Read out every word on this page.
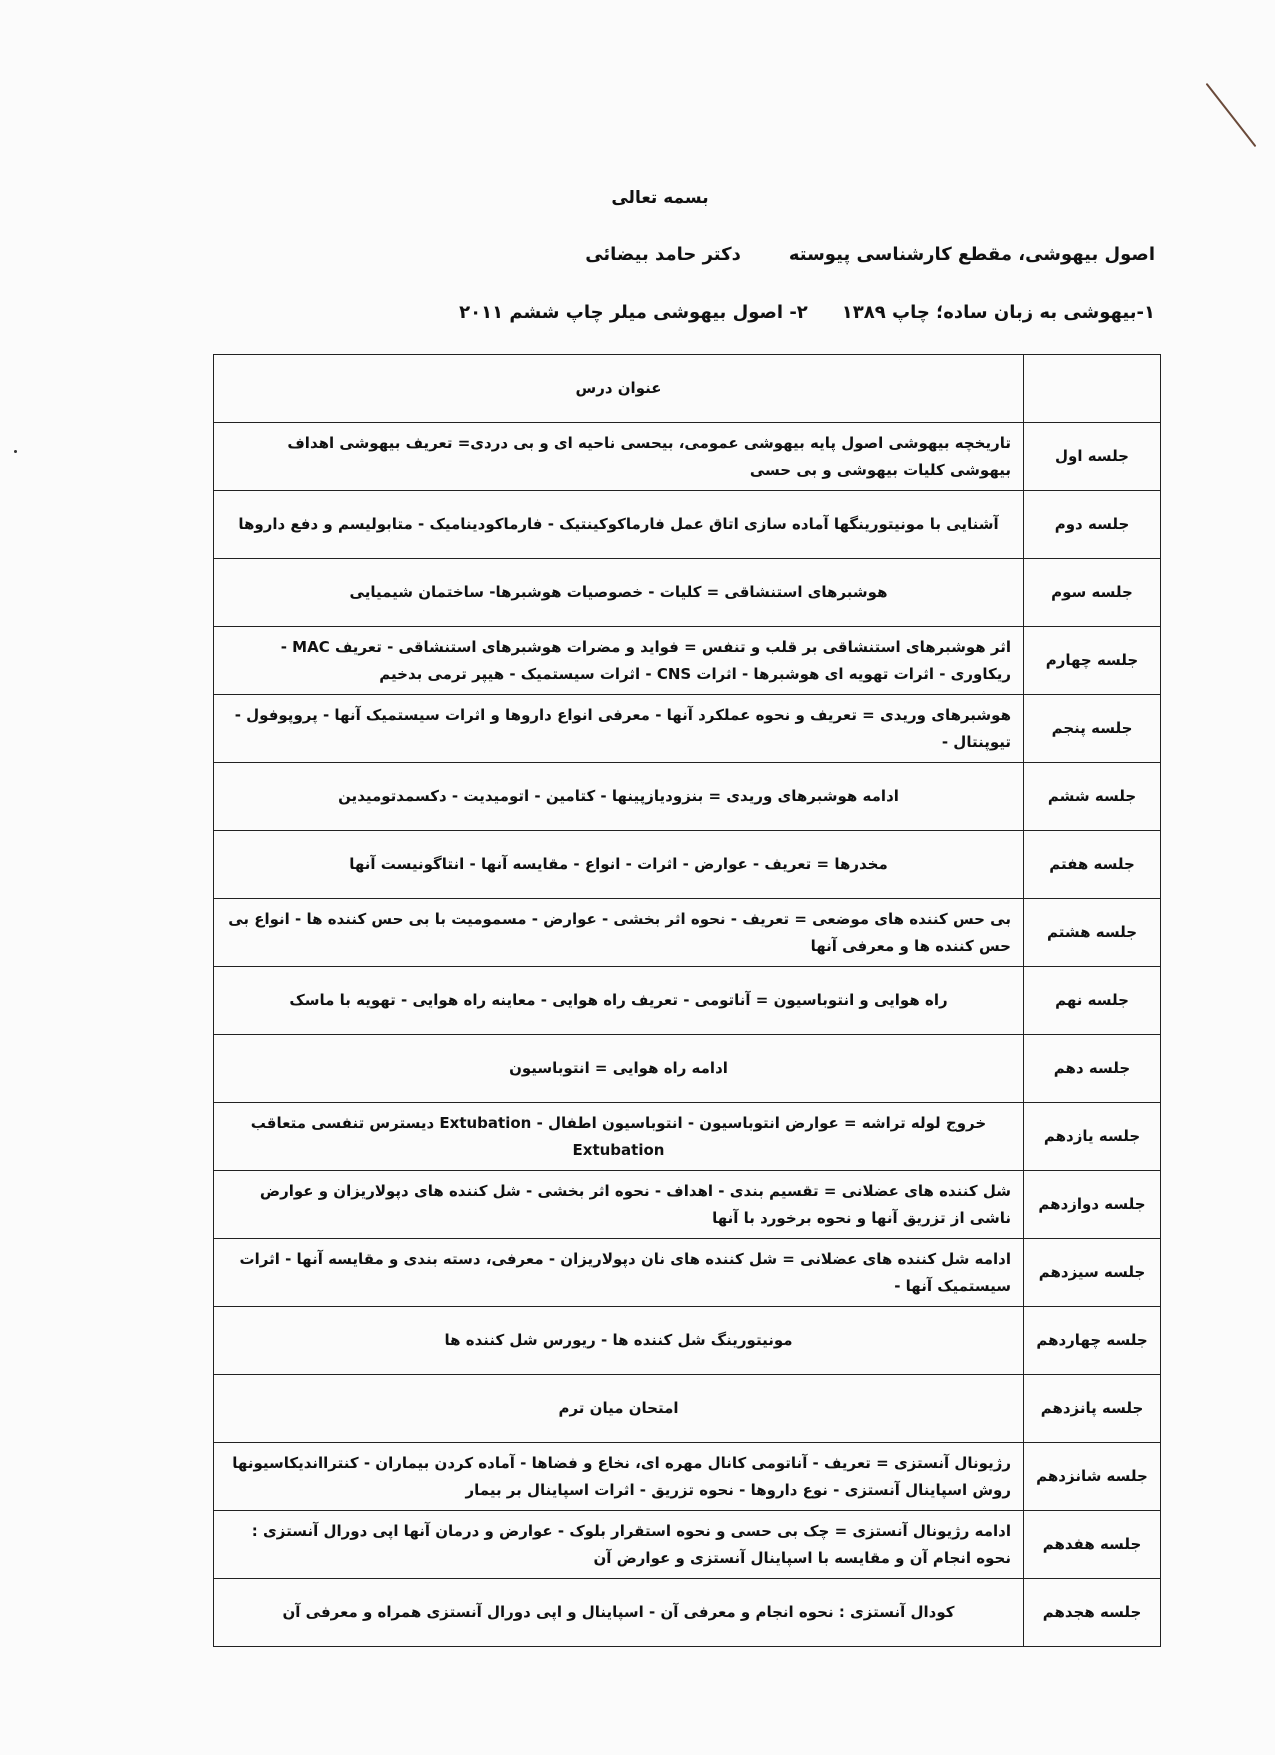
بسمه تعالی
اصول بیهوشی، مقطع کارشناسی پیوستهدکتر حامد بیضائی
۱-بیهوشی به زبان ساده؛ چاپ ۱۳۸۹۲- اصول بیهوشی میلر چاپ ششم ۲۰۱۱
	عنوان درس
جلسه اول	تاریخچه بیهوشی اصول پایه بیهوشی عمومی، بیحسی ناحیه ای و بی دردی= تعریف بیهوشی اهداف بیهوشی کلیات بیهوشی و بی حسی
جلسه دوم	آشنایی با مونیتورینگها آماده سازی اتاق عمل فارماکوکینتیک - فارماکودینامیک - متابولیسم و دفع داروها
جلسه سوم	هوشبرهای استنشاقی = کلیات - خصوصیات هوشبرها- ساختمان شیمیایی
جلسه چهارم	اثر هوشبرهای استنشاقی بر قلب و تنفس = فواید و مضرات هوشبرهای استنشاقی - تعریف MAC - ریکاوری - اثرات تهویه ای هوشبرها - اثرات CNS - اثرات سیستمیک - هیپر ترمی بدخیم
جلسه پنجم	هوشبرهای وریدی = تعریف و نحوه عملکرد آنها - معرفی انواع داروها و اثرات سیستمیک آنها - پروپوفول - تیوپنتال -
جلسه ششم	ادامه هوشبرهای وریدی = بنزودیازپینها - کتامین - اتومیدیت - دکسمدتومیدین
جلسه هفتم	مخدرها = تعریف - عوارض - اثرات - انواع - مقایسه آنها - انتاگونیست آنها
جلسه هشتم	بی حس کننده های موضعی = تعریف - نحوه اثر بخشی - عوارض - مسمومیت با بی حس کننده ها - انواع بی حس کننده ها و معرفی آنها
جلسه نهم	راه هوایی و انتوباسیون = آناتومی - تعریف راه هوایی - معاینه راه هوایی - تهویه با ماسک
جلسه دهم	ادامه راه هوایی = انتوباسیون
جلسه یازدهم	خروج لوله تراشه = عوارض انتوباسیون - انتوباسیون اطفال - Extubation دیسترس تنفسی متعاقب Extubation
جلسه دوازدهم	شل کننده های عضلانی = تقسیم بندی - اهداف - نحوه اثر بخشی - شل کننده های دپولاریزان و عوارض ناشی از تزریق آنها و نحوه برخورد با آنها
جلسه سیزدهم	ادامه شل کننده های عضلانی = شل کننده های نان دپولاریزان - معرفی، دسته بندی و مقایسه آنها - اثرات سیستمیک آنها -
جلسه چهاردهم	مونیتورینگ شل کننده ها - ریورس شل کننده ها
جلسه پانزدهم	امتحان میان ترم
جلسه شانزدهم	رژیونال آنستزی = تعریف - آناتومی کانال مهره ای، نخاع و فضاها - آماده کردن بیماران - کنترااندیکاسیونها روش اسپاینال آنستزی - نوع داروها - نحوه تزریق - اثرات اسپاینال بر بیمار
جلسه هفدهم	ادامه رژیونال آنستزی = چک بی حسی و نحوه استقرار بلوک - عوارض و درمان آنها اپی دورال آنستزی : نحوه انجام آن و مقایسه با اسپاینال آنستزی و عوارض آن
جلسه هجدهم	کودال آنستزی : نحوه انجام و معرفی آن - اسپاینال و اپی دورال آنستزی همراه و معرفی آن
